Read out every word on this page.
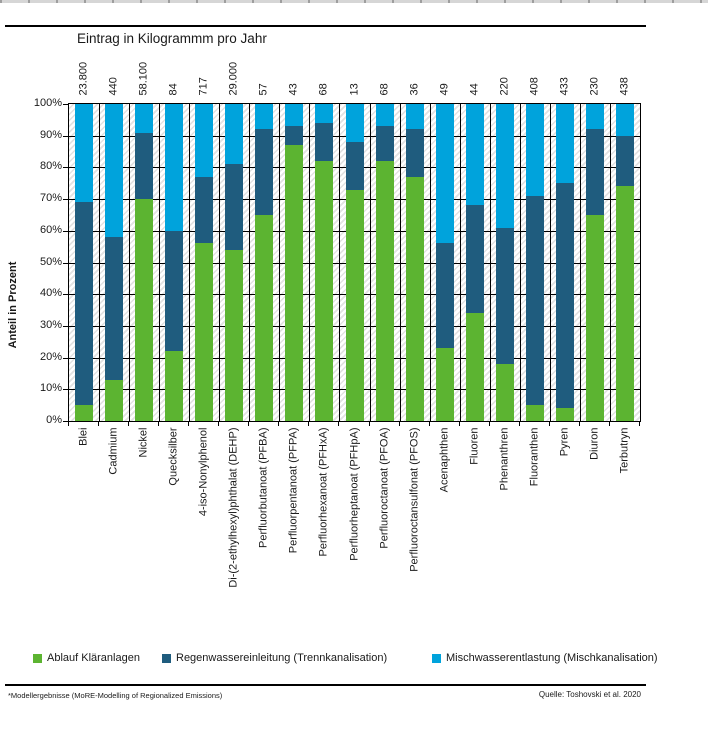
Eintrag in Kilogrammm pro Jahr
Anteil in Prozent
Ablauf Kläranlagen	Regenwassereinleitung (Trennkanalisation)	Mischwasserentlastung (Mischkanalisation)
*Modellergebnisse (MoRE-Modelling of Regionalized Emissions)	Quelle: Toshovski et al. 2020
100%
90%
80%
70%
60%
50%
40%
30%
20%
10%
0%
23.800
Blei
440
Cadmium
58.100
Nickel
84
Quecksilber
717
4-iso-Nonylphenol
29.000
Di-(2-ethylhexyl)phthalat (DEHP)
57
Perfluorbutanoat (PFBA)
43
Perfluorpentanoat (PFPA)
68
Perfluorhexanoat (PFHxA)
13
Perfluorheptanoat (PFHpA)
68
Perfluoroctanoat (PFOA)
36
Perfluoroctansulfonat (PFOS)
49
Acenaphthen
44
Fluoren
220
Phenanthren
408
Fluoranthen
433
Pyren
230
Diuron
438
Terbutryn
